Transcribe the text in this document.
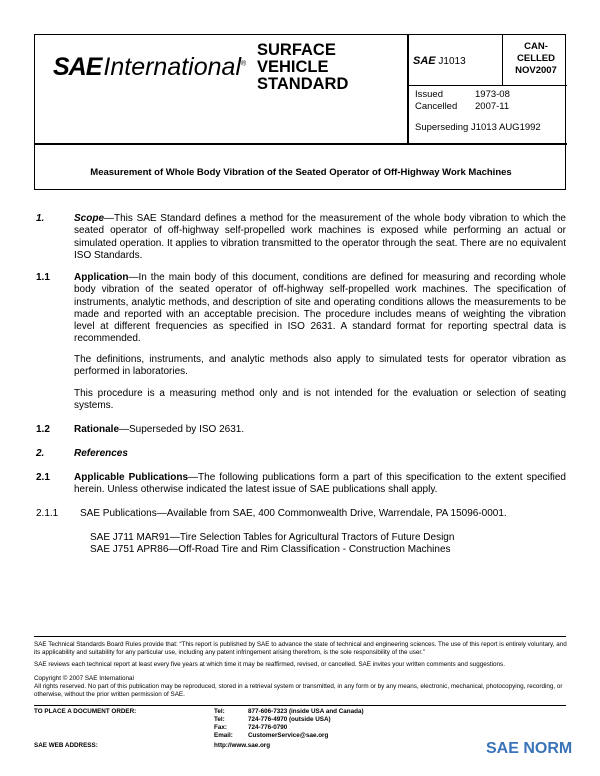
SAEInternational®
SURFACE
VEHICLE
STANDARD
SAE J1013
CAN-
CELLED
NOV2007
Issued	1973-08
Cancelled 2007-11
Superseding J1013 AUG1992
Measurement of Whole Body Vibration of the Seated Operator of Off-Highway Work Machines
1.	Scope—This SAE Standard defines a method for the measurement of the whole body vibration to which the seated operator of off-highway self-propelled work machines is exposed while performing an actual or simulated operation. It applies to vibration transmitted to the operator through the seat. There are no equivalent ISO Standards.
1.1 Application—In the main body of this document, conditions are defined for measuring and recording whole body vibration of the seated operator of off-highway self-propelled work machines. The specification of instruments, analytic methods, and description of site and operating conditions allows the measurements to be made and reported with an acceptable precision. The procedure includes means of weighting the vibration level at different frequencies as specified in ISO 2631. A standard format for reporting spectral data is recommended.
The definitions, instruments, and analytic methods also apply to simulated tests for operator vibration as performed in laboratories.
This procedure is a measuring method only and is not intended for the evaluation or selection of seating systems.
1.2 Rationale—Superseded by ISO 2631.
2.	References
2.1 Applicable Publications—The following publications form a part of this specification to the extent specified herein. Unless otherwise indicated the latest issue of SAE publications shall apply.
2.1.1 SAE Publications—Available from SAE, 400 Commonwealth Drive, Warrendale, PA 15096-0001.
SAE J711 MAR91—Tire Selection Tables for Agricultural Tractors of Future Design
SAE J751 APR86—Off-Road Tire and Rim Classification - Construction Machines
SAE Technical Standards Board Rules provide that: “This report is published by SAE to advance the state of technical and engineering sciences. The use of this report is entirely voluntary, and its applicability and suitability for any particular use, including any patent infringement arising therefrom, is the sole responsibility of the user.”
SAE reviews each technical report at least every five years at which time it may be reaffirmed, revised, or cancelled. SAE invites your written comments and suggestions.
Copyright © 2007 SAE International
All rights reserved. No part of this publication may be reproduced, stored in a retrieval system or transmitted, in any form or by any means, electronic, mechanical, photocopying, recording, or otherwise, without the prior written permission of SAE.
TO PLACE A DOCUMENT ORDER:	Tel:	877-606-7323 (inside USA and Canada)
Tel:	724-776-4970 (outside USA)
Fax:	724-776-0790
Email: CustomerService@sae.org
SAE WEB ADDRESS:	http://www.sae.org	SAE NORM
